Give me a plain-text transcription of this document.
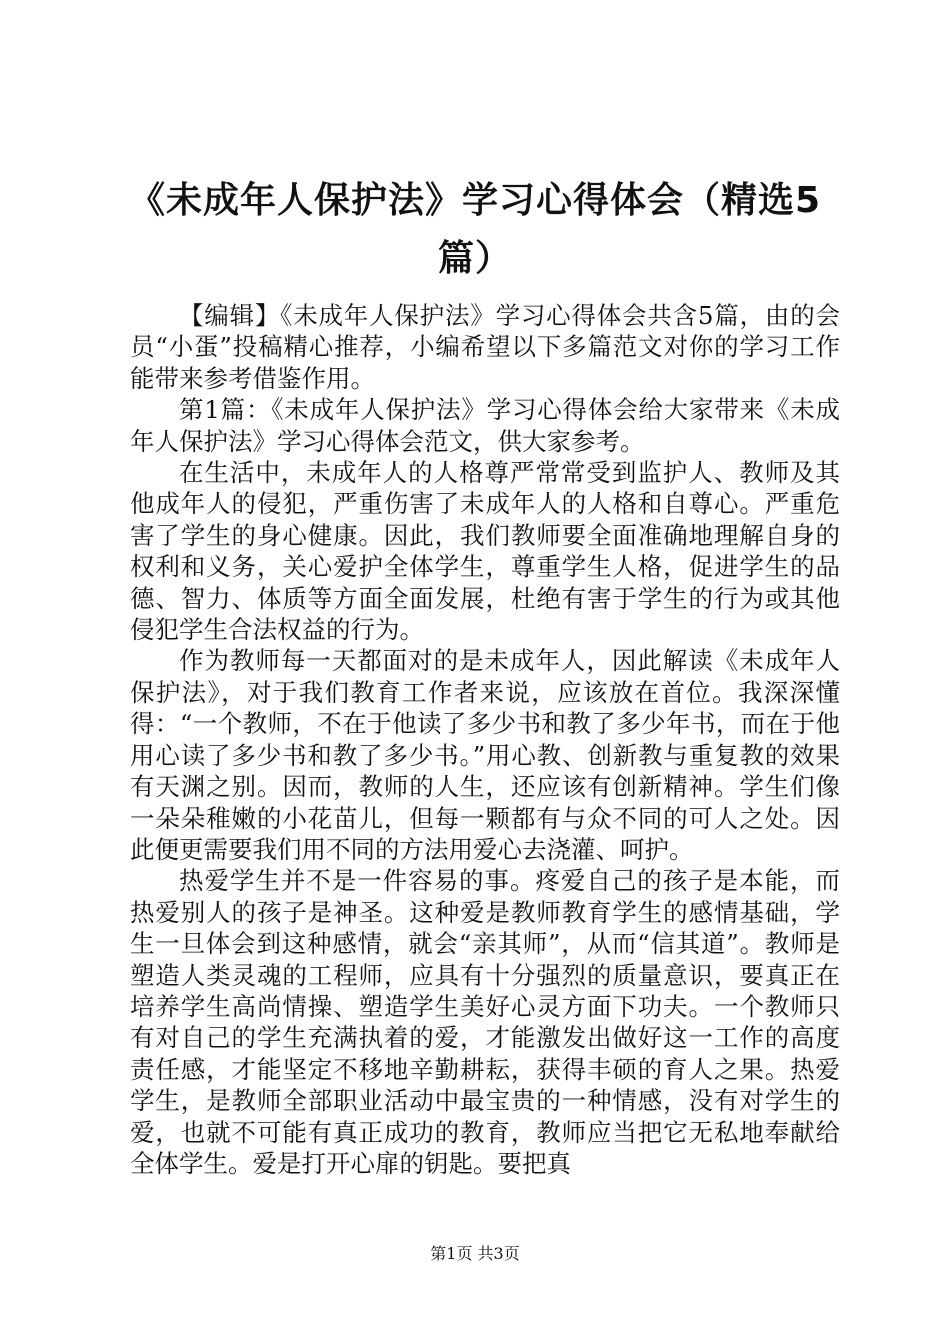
《未成年人保护法》学习心得体会（精选5篇）

【编辑】《未成年人保护法》学习心得体会共含5篇，由的会员“小蛋”投稿精心推荐，小编希望以下多篇范文对你的学习工作能带来参考借鉴作用。

第1篇：《未成年人保护法》学习心得体会给大家带来《未成年人保护法》学习心得体会范文，供大家参考。

在生活中，未成年人的人格尊严常常受到监护人、教师及其他成年人的侵犯，严重伤害了未成年人的人格和自尊心。严重危害了学生的身心健康。因此，我们教师要全面准确地理解自身的权利和义务，关心爱护全体学生，尊重学生人格，促进学生的品德、智力、体质等方面全面发展，杜绝有害于学生的行为或其他侵犯学生合法权益的行为。

作为教师每一天都面对的是未成年人，因此解读《未成年人保护法》，对于我们教育工作者来说，应该放在首位。我深深懂得：“一个教师，不在于他读了多少书和教了多少年书，而在于他用心读了多少书和教了多少书。”用心教、创新教与重复教的效果有天渊之别。因而，教师的人生，还应该有创新精神。学生们像一朵朵稚嫩的小花苗儿，但每一颗都有与众不同的可人之处。因此便更需要我们用不同的方法用爱心去浇灌、呵护。

热爱学生并不是一件容易的事。疼爱自己的孩子是本能，而热爱别人的孩子是神圣。这种爱是教师教育学生的感情基础，学生一旦体会到这种感情，就会“亲其师”，从而“信其道”。教师是塑造人类灵魂的工程师，应具有十分强烈的质量意识，要真正在培养学生高尚情操、塑造学生美好心灵方面下功夫。一个教师只有对自己的学生充满执着的爱，才能激发出做好这一工作的高度责任感，才能坚定不移地辛勤耕耘，获得丰硕的育人之果。热爱学生，是教师全部职业活动中最宝贵的一种情感，没有对学生的爱，也就不可能有真正成功的教育，教师应当把它无私地奉献给全体学生。爱是打开心扉的钥匙。要把真

第1页 共3页
